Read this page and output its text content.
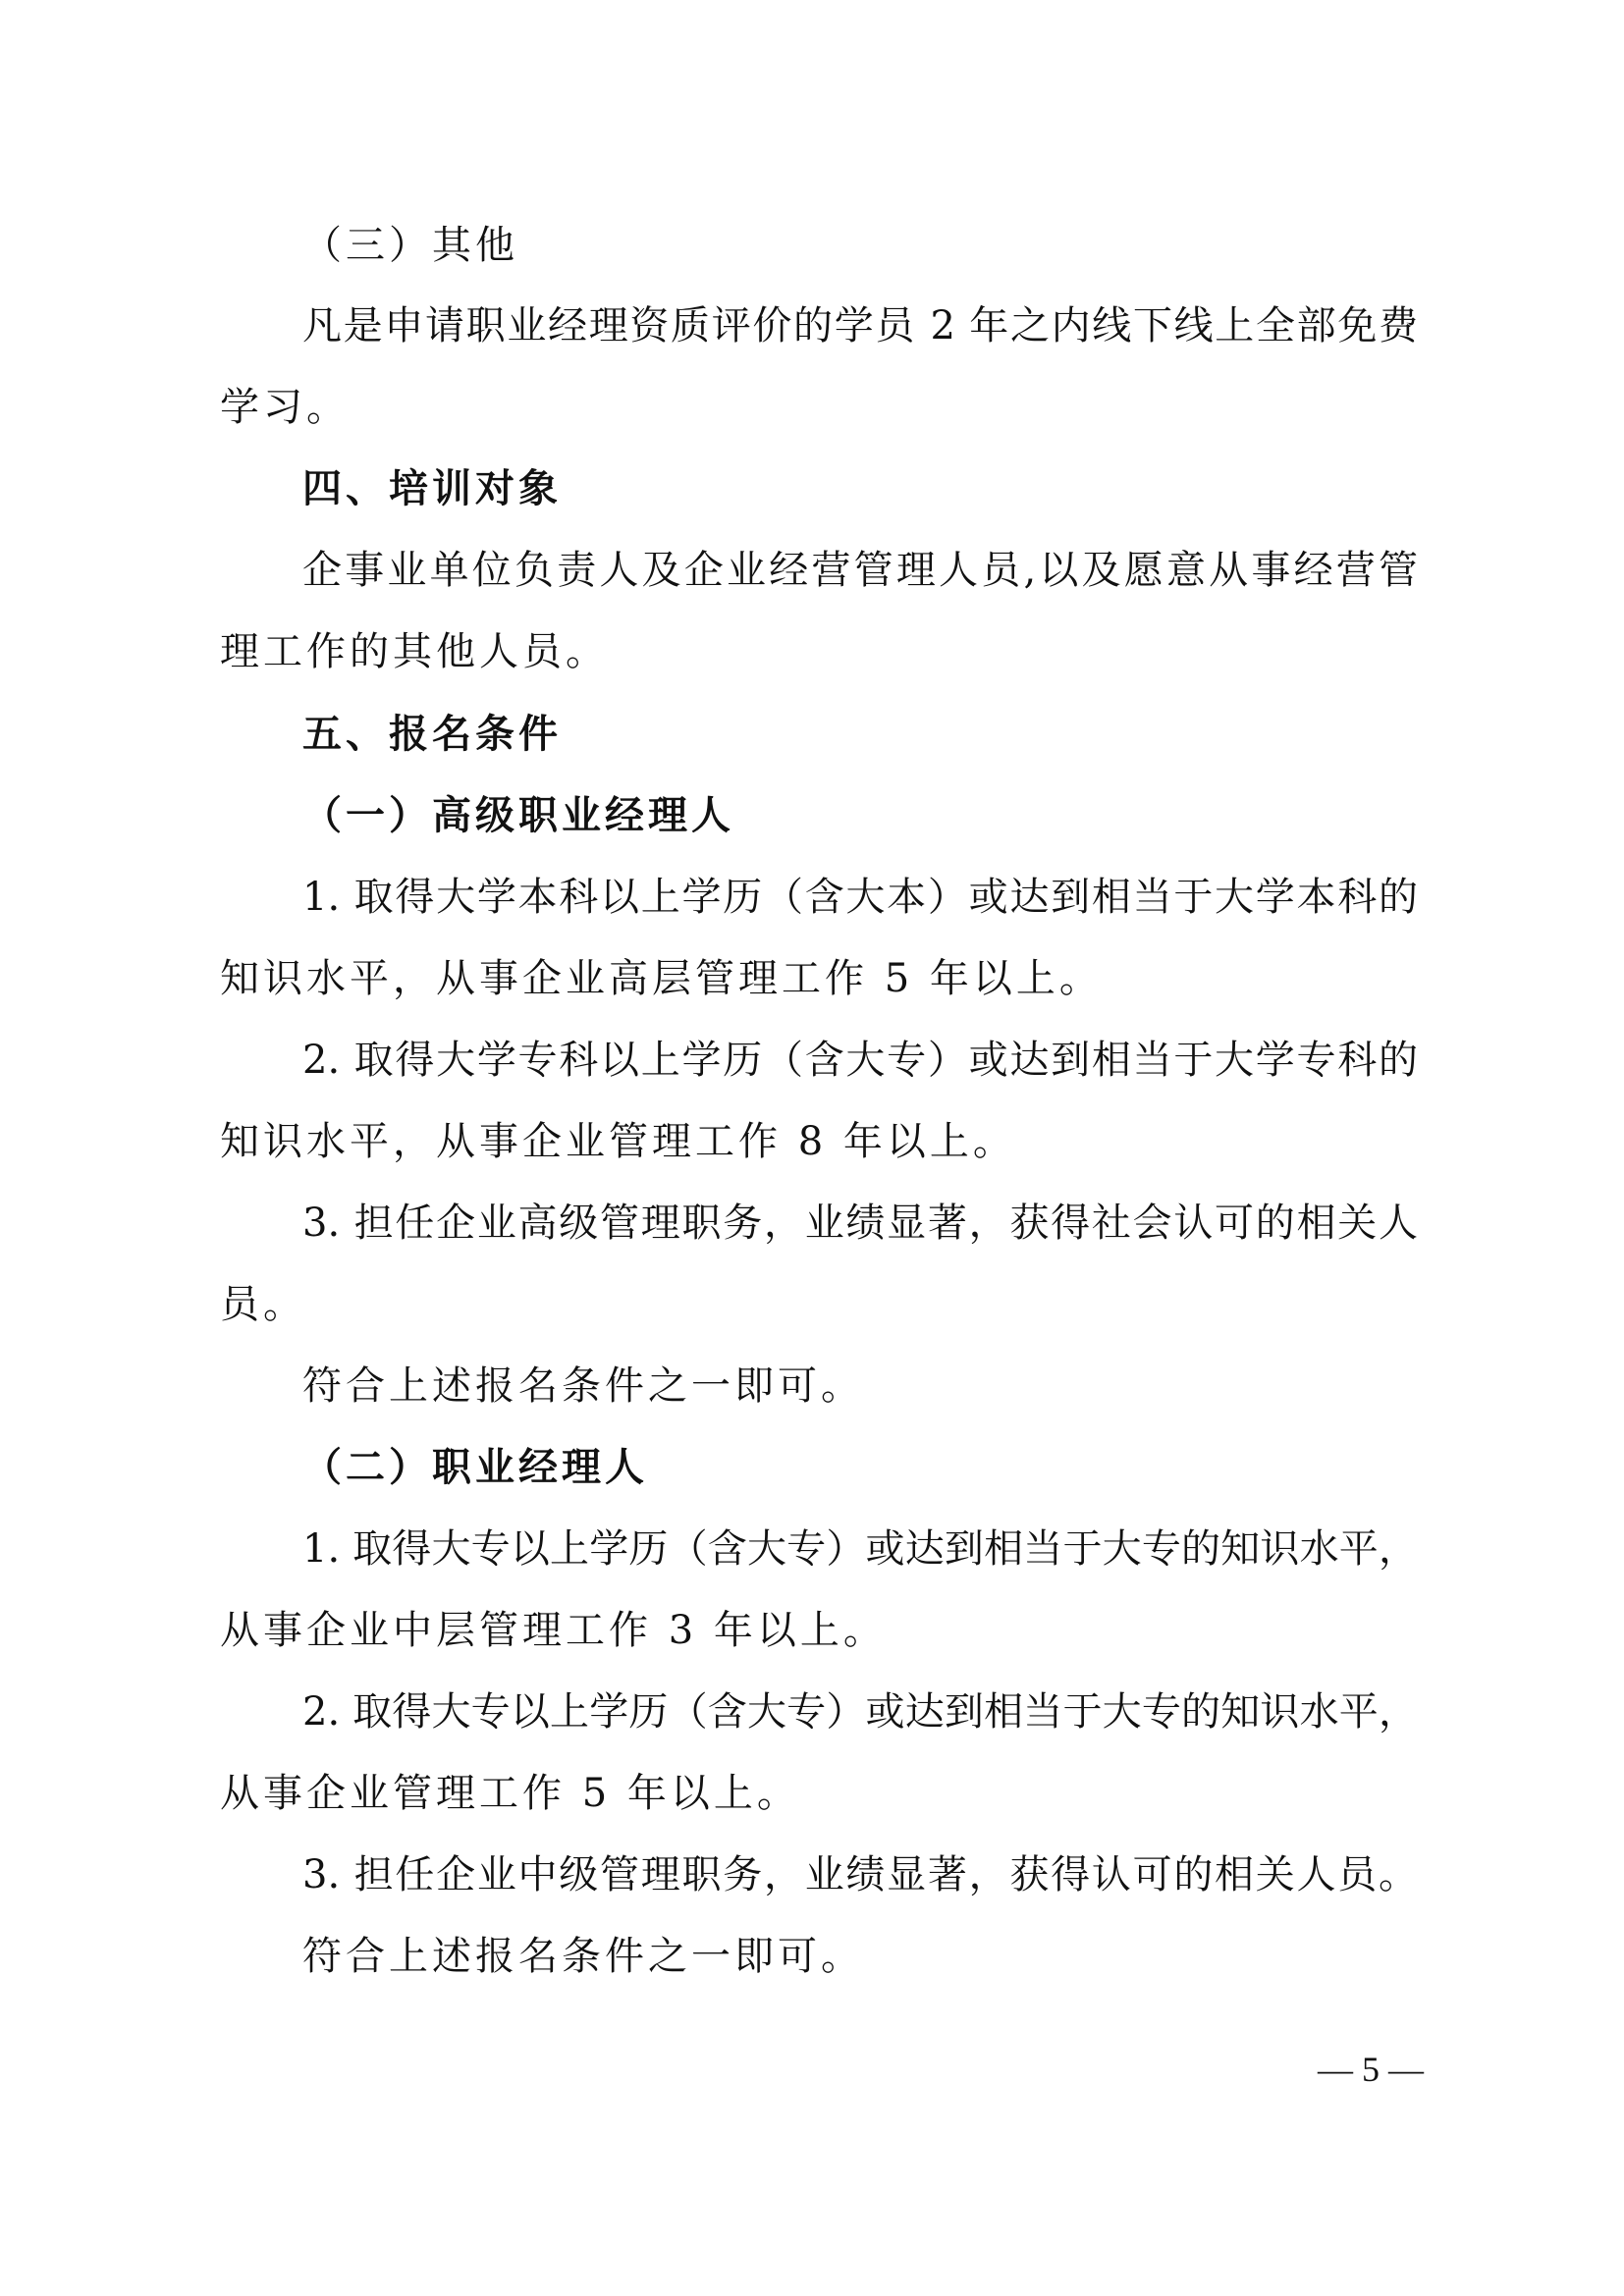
（三）其他
凡是申请职业经理资质评价的学员 2 年之内线下线上全部免费
学习。
四、培训对象
企事业单位负责人及企业经营管理人员,以及愿意从事经营管
理工作的其他人员。
五、报名条件
（一）高级职业经理人
1. 取得大学本科以上学历（含大本）或达到相当于大学本科的
知识水平，从事企业高层管理工作 5 年以上。
2. 取得大学专科以上学历（含大专）或达到相当于大学专科的
知识水平，从事企业管理工作 8 年以上。
3. 担任企业高级管理职务，业绩显著，获得社会认可的相关人
员。
符合上述报名条件之一即可。
（二）职业经理人
1. 取得大专以上学历（含大专）或达到相当于大专的知识水平，
从事企业中层管理工作 3 年以上。
2. 取得大专以上学历（含大专）或达到相当于大专的知识水平，
从事企业管理工作 5 年以上。
3. 担任企业中级管理职务，业绩显著，获得认可的相关人员。
符合上述报名条件之一即可。
— 5 —
